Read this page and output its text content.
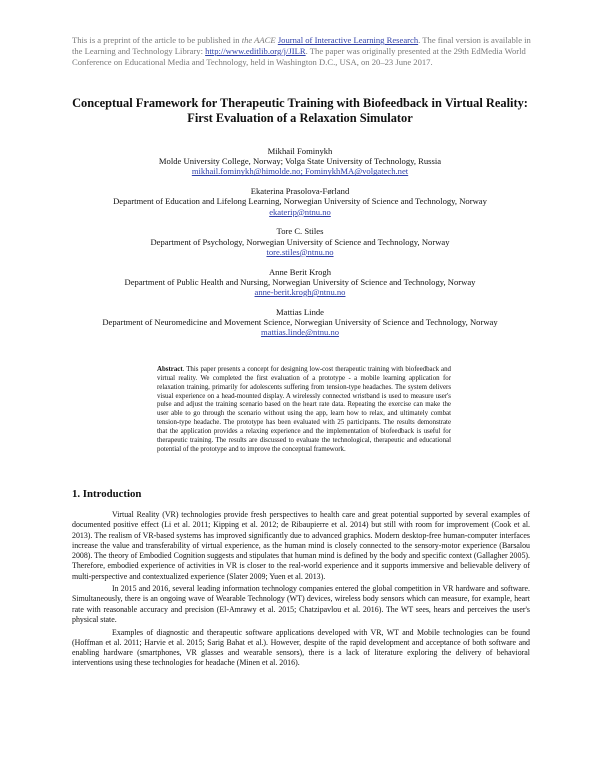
This is a preprint of the article to be published in the AACE Journal of Interactive Learning Research. The final version is available in the Learning and Technology Library: http://www.editlib.org/j/JILR. The paper was originally presented at the 29th EdMedia World Conference on Educational Media and Technology, held in Washington D.C., USA, on 20–23 June 2017.
Conceptual Framework for Therapeutic Training with Biofeedback in Virtual Reality: First Evaluation of a Relaxation Simulator
Mikhail Fominykh
Molde University College, Norway; Volga State University of Technology, Russia
mikhail.fominykh@himolde.no; FominykhMA@volgatech.net
Ekaterina Prasolova-Førland
Department of Education and Lifelong Learning, Norwegian University of Science and Technology, Norway
ekaterip@ntnu.no
Tore C. Stiles
Department of Psychology, Norwegian University of Science and Technology, Norway
tore.stiles@ntnu.no
Anne Berit Krogh
Department of Public Health and Nursing, Norwegian University of Science and Technology, Norway
anne-berit.krogh@ntnu.no
Mattias Linde
Department of Neuromedicine and Movement Science, Norwegian University of Science and Technology, Norway
mattias.linde@ntnu.no
Abstract. This paper presents a concept for designing low-cost therapeutic training with biofeedback and virtual reality. We completed the first evaluation of a prototype - a mobile learning application for relaxation training, primarily for adolescents suffering from tension-type headaches. The system delivers visual experience on a head-mounted display. A wirelessly connected wristband is used to measure user's pulse and adjust the training scenario based on the heart rate data. Repeating the exercise can make the user able to go through the scenario without using the app, learn how to relax, and ultimately combat tension-type headache. The prototype has been evaluated with 25 participants. The results demonstrate that the application provides a relaxing experience and the implementation of biofeedback is useful for therapeutic training. The results are discussed to evaluate the technological, therapeutic and educational potential of the prototype and to improve the conceptual framework.
1. Introduction

Virtual Reality (VR) technologies provide fresh perspectives to health care and great potential supported by several examples of documented positive effect (Li et al. 2011; Kipping et al. 2012; de Ribaupierre et al. 2014) but still with room for improvement (Cook et al. 2013). The realism of VR-based systems has improved significantly due to advanced graphics. Modern desktop-free human-computer interfaces increase the value and transferability of virtual experience, as the human mind is closely connected to the sensory-motor experience (Barsalou 2008). The theory of Embodied Cognition suggests and stipulates that human mind is defined by the body and specific context (Gallagher 2005). Therefore, embodied experience of activities in VR is closer to the real-world experience and it supports immersive and believable delivery of multi-perspective and contextualized experience (Slater 2009; Yuen et al. 2013).

In 2015 and 2016, several leading information technology companies entered the global competition in VR hardware and software. Simultaneously, there is an ongoing wave of Wearable Technology (WT) devices, wireless body sensors which can measure, for example, heart rate with reasonable accuracy and precision (El-Amrawy et al. 2015; Chatzipavlou et al. 2016). The WT sees, hears and perceives the user's physical state.

Examples of diagnostic and therapeutic software applications developed with VR, WT and Mobile technologies can be found (Hoffman et al. 2011; Harvie et al. 2015; Sarig Bahat et al.). However, despite of the rapid development and acceptance of both software and enabling hardware (smartphones, VR glasses and wearable sensors), there is a lack of literature exploring the delivery of behavioral interventions using these technologies for headache (Minen et al. 2016).
